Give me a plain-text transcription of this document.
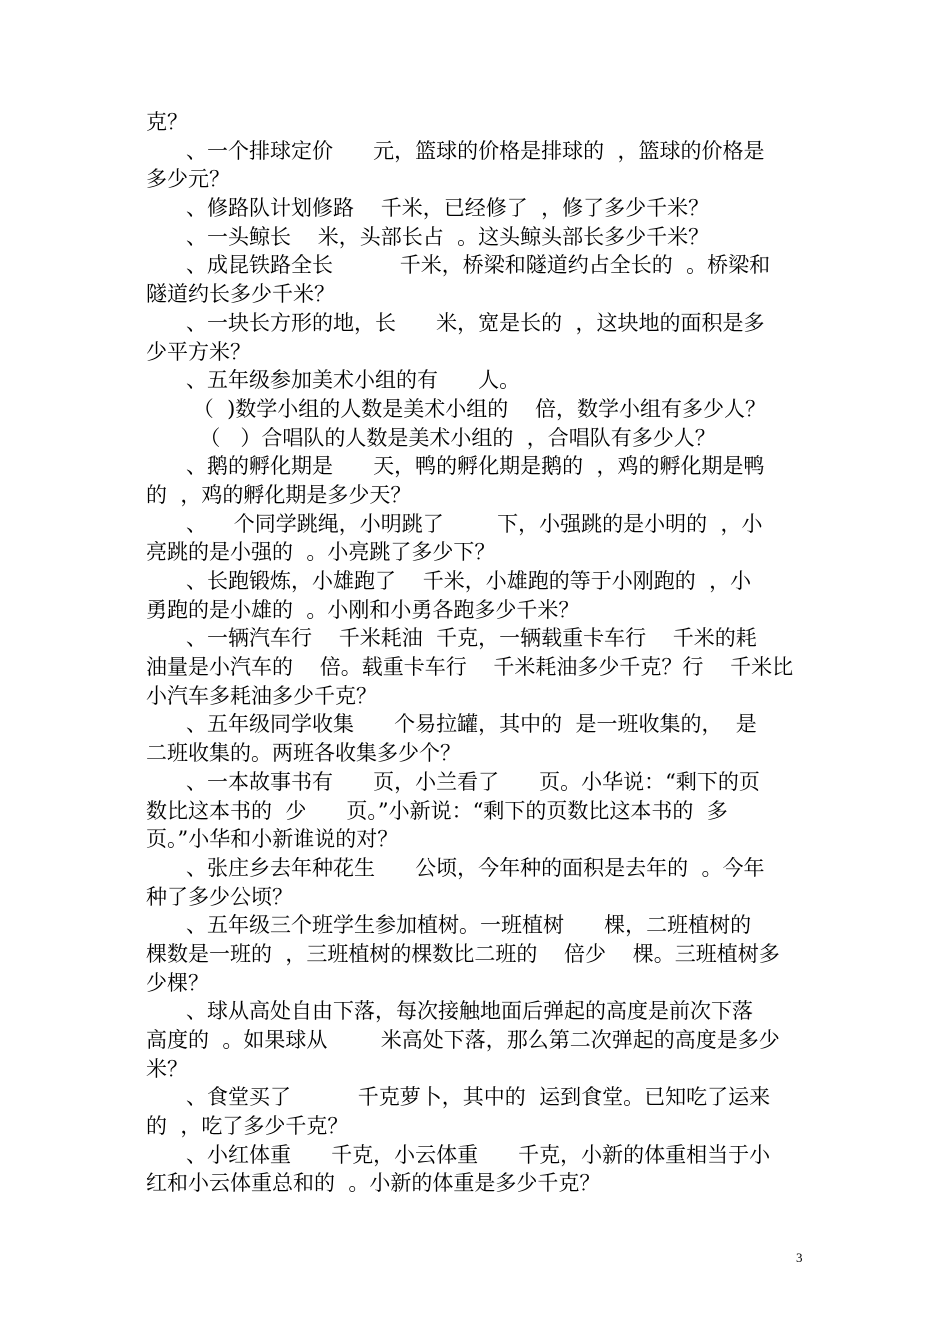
克？
、一个排球定价      元，篮球的价格是排球的  ，篮球的价格是
多少元？
、修路队计划修路    千米，已经修了  ，修了多少千米？
、一头鲸长    米，头部长占  。这头鲸头部长多少千米？
、成昆铁路全长          千米，桥梁和隧道约占全长的  。桥梁和
隧道约长多少千米？
、一块长方形的地，长      米，宽是长的  ，这块地的面积是多
少平方米？
、五年级参加美术小组的有      人。
（  )数学小组的人数是美术小组的    倍，数学小组有多少人？
（   ）合唱队的人数是美术小组的  ，合唱队有多少人？
、鹅的孵化期是      天，鸭的孵化期是鹅的  ，鸡的孵化期是鸭
的  ，鸡的孵化期是多少天？
、    个同学跳绳，小明跳了        下，小强跳的是小明的  ，小
亮跳的是小强的  。小亮跳了多少下？
、长跑锻炼，小雄跑了    千米，小雄跑的等于小刚跑的  ，小
勇跑的是小雄的  。小刚和小勇各跑多少千米？
、一辆汽车行    千米耗油  千克，一辆载重卡车行    千米的耗
油量是小汽车的    倍。载重卡车行    千米耗油多少千克？行    千米比
小汽车多耗油多少千克？
、五年级同学收集      个易拉罐，其中的  是一班收集的，  是
二班收集的。两班各收集多少个？
、一本故事书有      页，小兰看了      页。小华说：“剩下的页
数比这本书的  少      页。”小新说：“剩下的页数比这本书的  多
页。”小华和小新谁说的对？
、张庄乡去年种花生      公顷，今年种的面积是去年的  。今年
种了多少公顷？
、五年级三个班学生参加植树。一班植树      棵，二班植树的
棵数是一班的  ，三班植树的棵数比二班的    倍少    棵。三班植树多
少棵？
、球从高处自由下落，每次接触地面后弹起的高度是前次下落
高度的  。如果球从        米高处下落，那么第二次弹起的高度是多少
米？
、食堂买了          千克萝卜，其中的  运到食堂。已知吃了运来
的  ，吃了多少千克？
、小红体重      千克，小云体重      千克，小新的体重相当于小
红和小云体重总和的  。小新的体重是多少千克？
3
